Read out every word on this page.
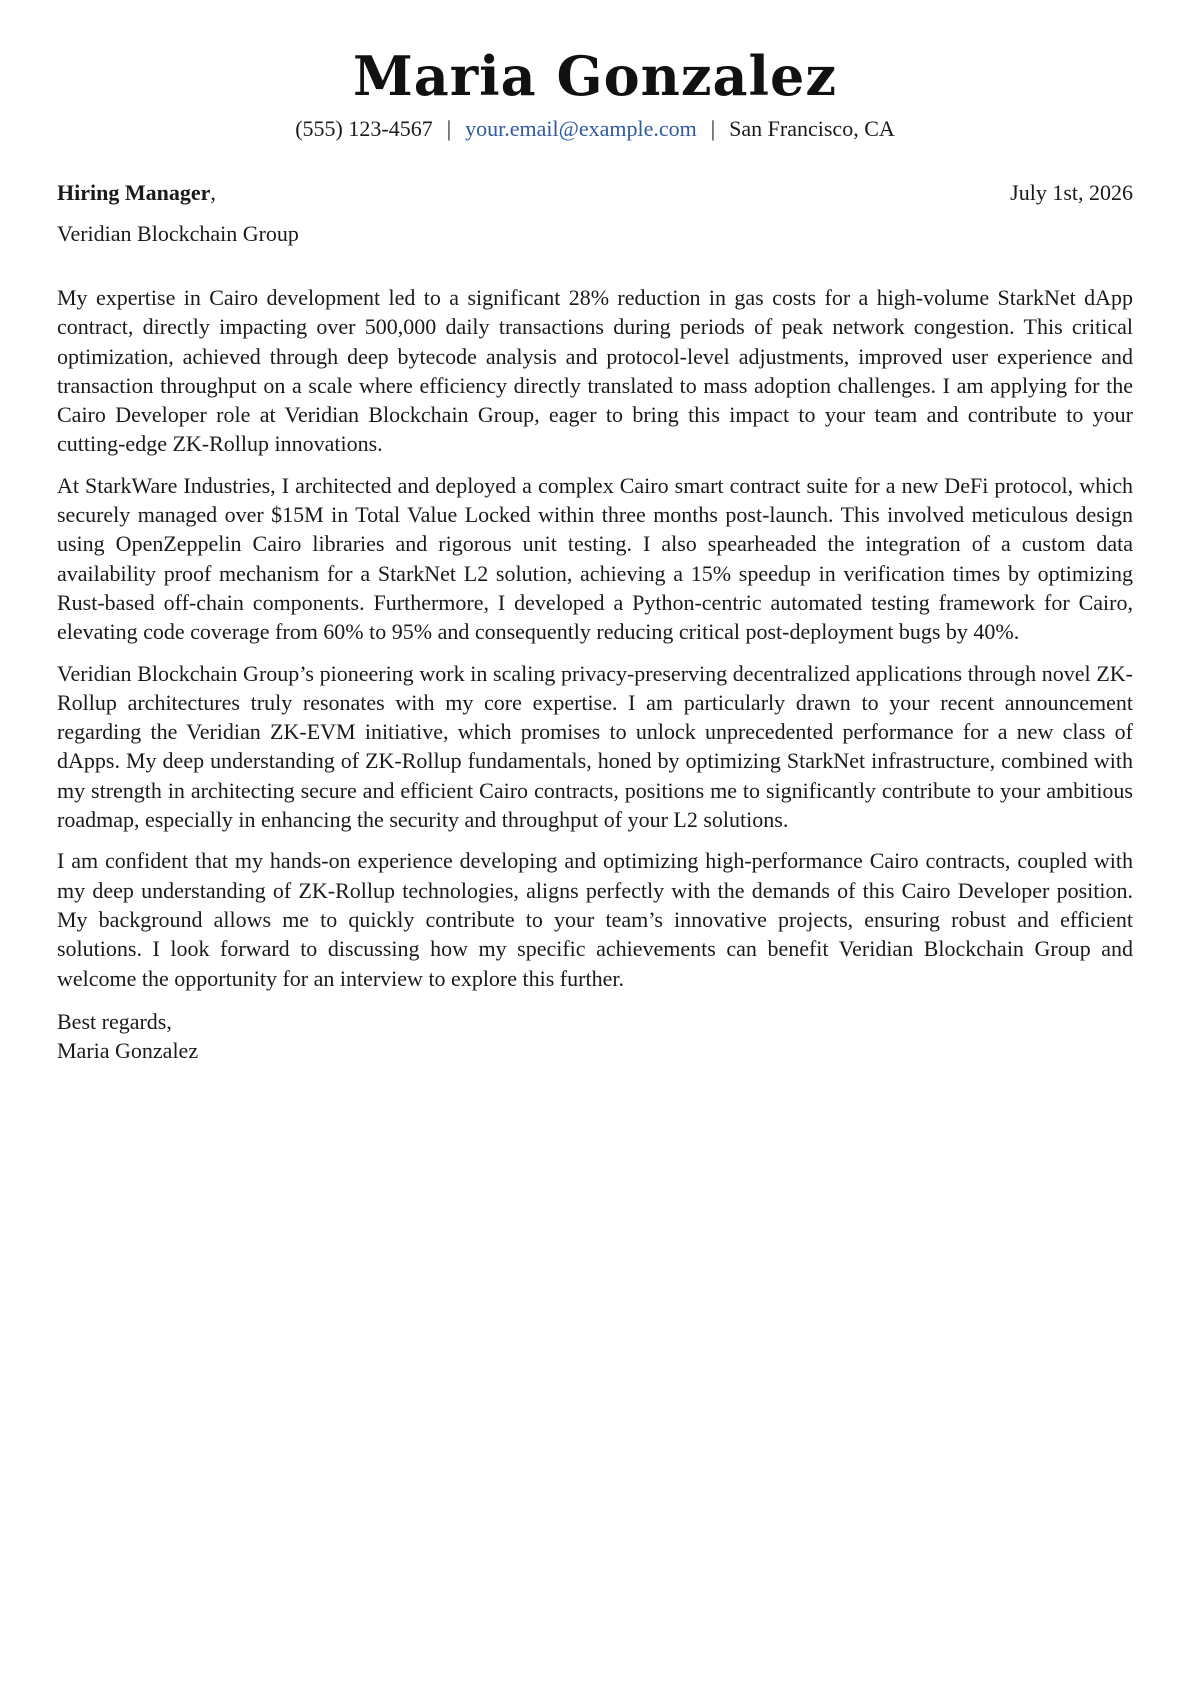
Maria Gonzalez
(555) 123-4567 | your.email@example.com | San Francisco, CA
Hiring Manager,	July 1st, 2026
Veridian Blockchain Group

My expertise in Cairo development led to a significant 28% reduction in gas costs for a high-volume StarkNet dApp contract, directly impacting over 500,000 daily transactions during periods of peak network congestion. This critical optimization, achieved through deep bytecode analysis and protocol-level adjustments, improved user experience and transaction throughput on a scale where efficiency directly translated to mass adoption challenges. I am applying for the Cairo Developer role at Veridian Blockchain Group, eager to bring this impact to your team and contribute to your cutting-edge ZK-Rollup innovations.

At StarkWare Industries, I architected and deployed a complex Cairo smart contract suite for a new DeFi protocol, which securely managed over $15M in Total Value Locked within three months post-launch. This involved meticulous design using OpenZeppelin Cairo libraries and rigorous unit testing. I also spearheaded the integration of a custom data availability proof mechanism for a StarkNet L2 solution, achieving a 15% speedup in verification times by optimizing Rust-based off-chain components. Furthermore, I developed a Python-centric automated testing framework for Cairo, elevating code coverage from 60% to 95% and consequently reducing critical post-deployment bugs by 40%.

Veridian Blockchain Group’s pioneering work in scaling privacy-preserving decentralized applications through novel ZK-Rollup architectures truly resonates with my core expertise. I am particularly drawn to your recent announcement regarding the Veridian ZK-EVM initiative, which promises to unlock unprecedented performance for a new class of dApps. My deep understanding of ZK-Rollup fundamentals, honed by optimizing StarkNet infrastructure, combined with my strength in architecting secure and efficient Cairo contracts, positions me to significantly contribute to your ambitious roadmap, especially in enhancing the security and throughput of your L2 solutions.

I am confident that my hands-on experience developing and optimizing high-performance Cairo contracts, coupled with my deep understanding of ZK-Rollup technologies, aligns perfectly with the demands of this Cairo Developer position. My background allows me to quickly contribute to your team’s innovative projects, ensuring robust and efficient solutions. I look forward to discussing how my specific achievements can benefit Veridian Blockchain Group and welcome the opportunity for an interview to explore this further.

Best regards,
Maria Gonzalez
